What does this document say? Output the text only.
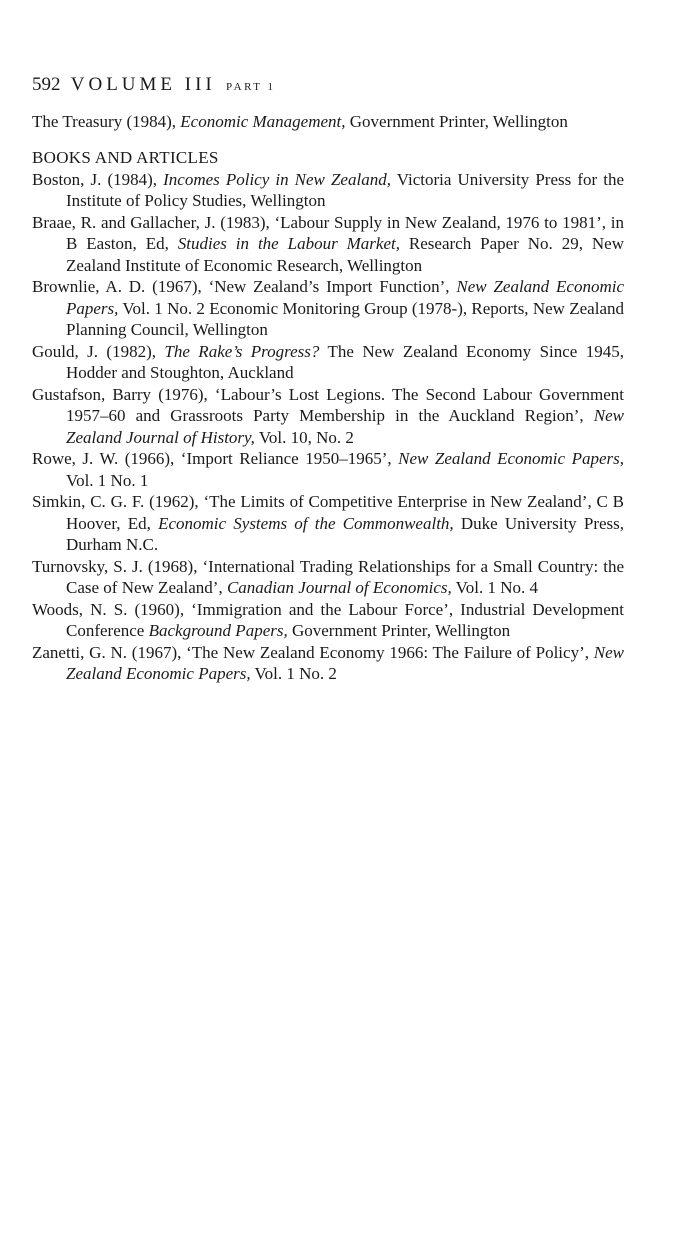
592 VOLUME III PART 1

The Treasury (1984), Economic Management, Government Printer, Wellington

BOOKS AND ARTICLES

Boston, J. (1984), Incomes Policy in New Zealand, Victoria University Press for the Institute of Policy Studies, Wellington

Braae, R. and Gallacher, J. (1983), ‘Labour Supply in New Zealand, 1976 to 1981’, in B Easton, Ed, Studies in the Labour Market, Research Paper No. 29, New Zealand Institute of Economic Research, Wellington

Brownlie, A. D. (1967), ‘New Zealand’s Import Function’, New Zealand Economic Papers, Vol. 1 No. 2 Economic Monitoring Group (1978-), Reports, New Zealand Planning Council, Wellington

Gould, J. (1982), The Rake’s Progress? The New Zealand Economy Since 1945, Hodder and Stoughton, Auckland

Gustafson, Barry (1976), ‘Labour’s Lost Legions. The Second Labour Government 1957–60 and Grassroots Party Membership in the Auckland Region’, New Zealand Journal of History, Vol. 10, No. 2

Rowe, J. W. (1966), ‘Import Reliance 1950–1965’, New Zealand Economic Papers, Vol. 1 No. 1

Simkin, C. G. F. (1962), ‘The Limits of Competitive Enterprise in New Zealand’, C B Hoover, Ed, Economic Systems of the Commonwealth, Duke University Press, Durham N.C.

Turnovsky, S. J. (1968), ‘International Trading Relationships for a Small Country: the Case of New Zealand’, Canadian Journal of Economics, Vol. 1 No. 4

Woods, N. S. (1960), ‘Immigration and the Labour Force’, Industrial Development Conference Background Papers, Government Printer, Wellington

Zanetti, G. N. (1967), ‘The New Zealand Economy 1966: The Failure of Policy’, New Zealand Economic Papers, Vol. 1 No. 2
